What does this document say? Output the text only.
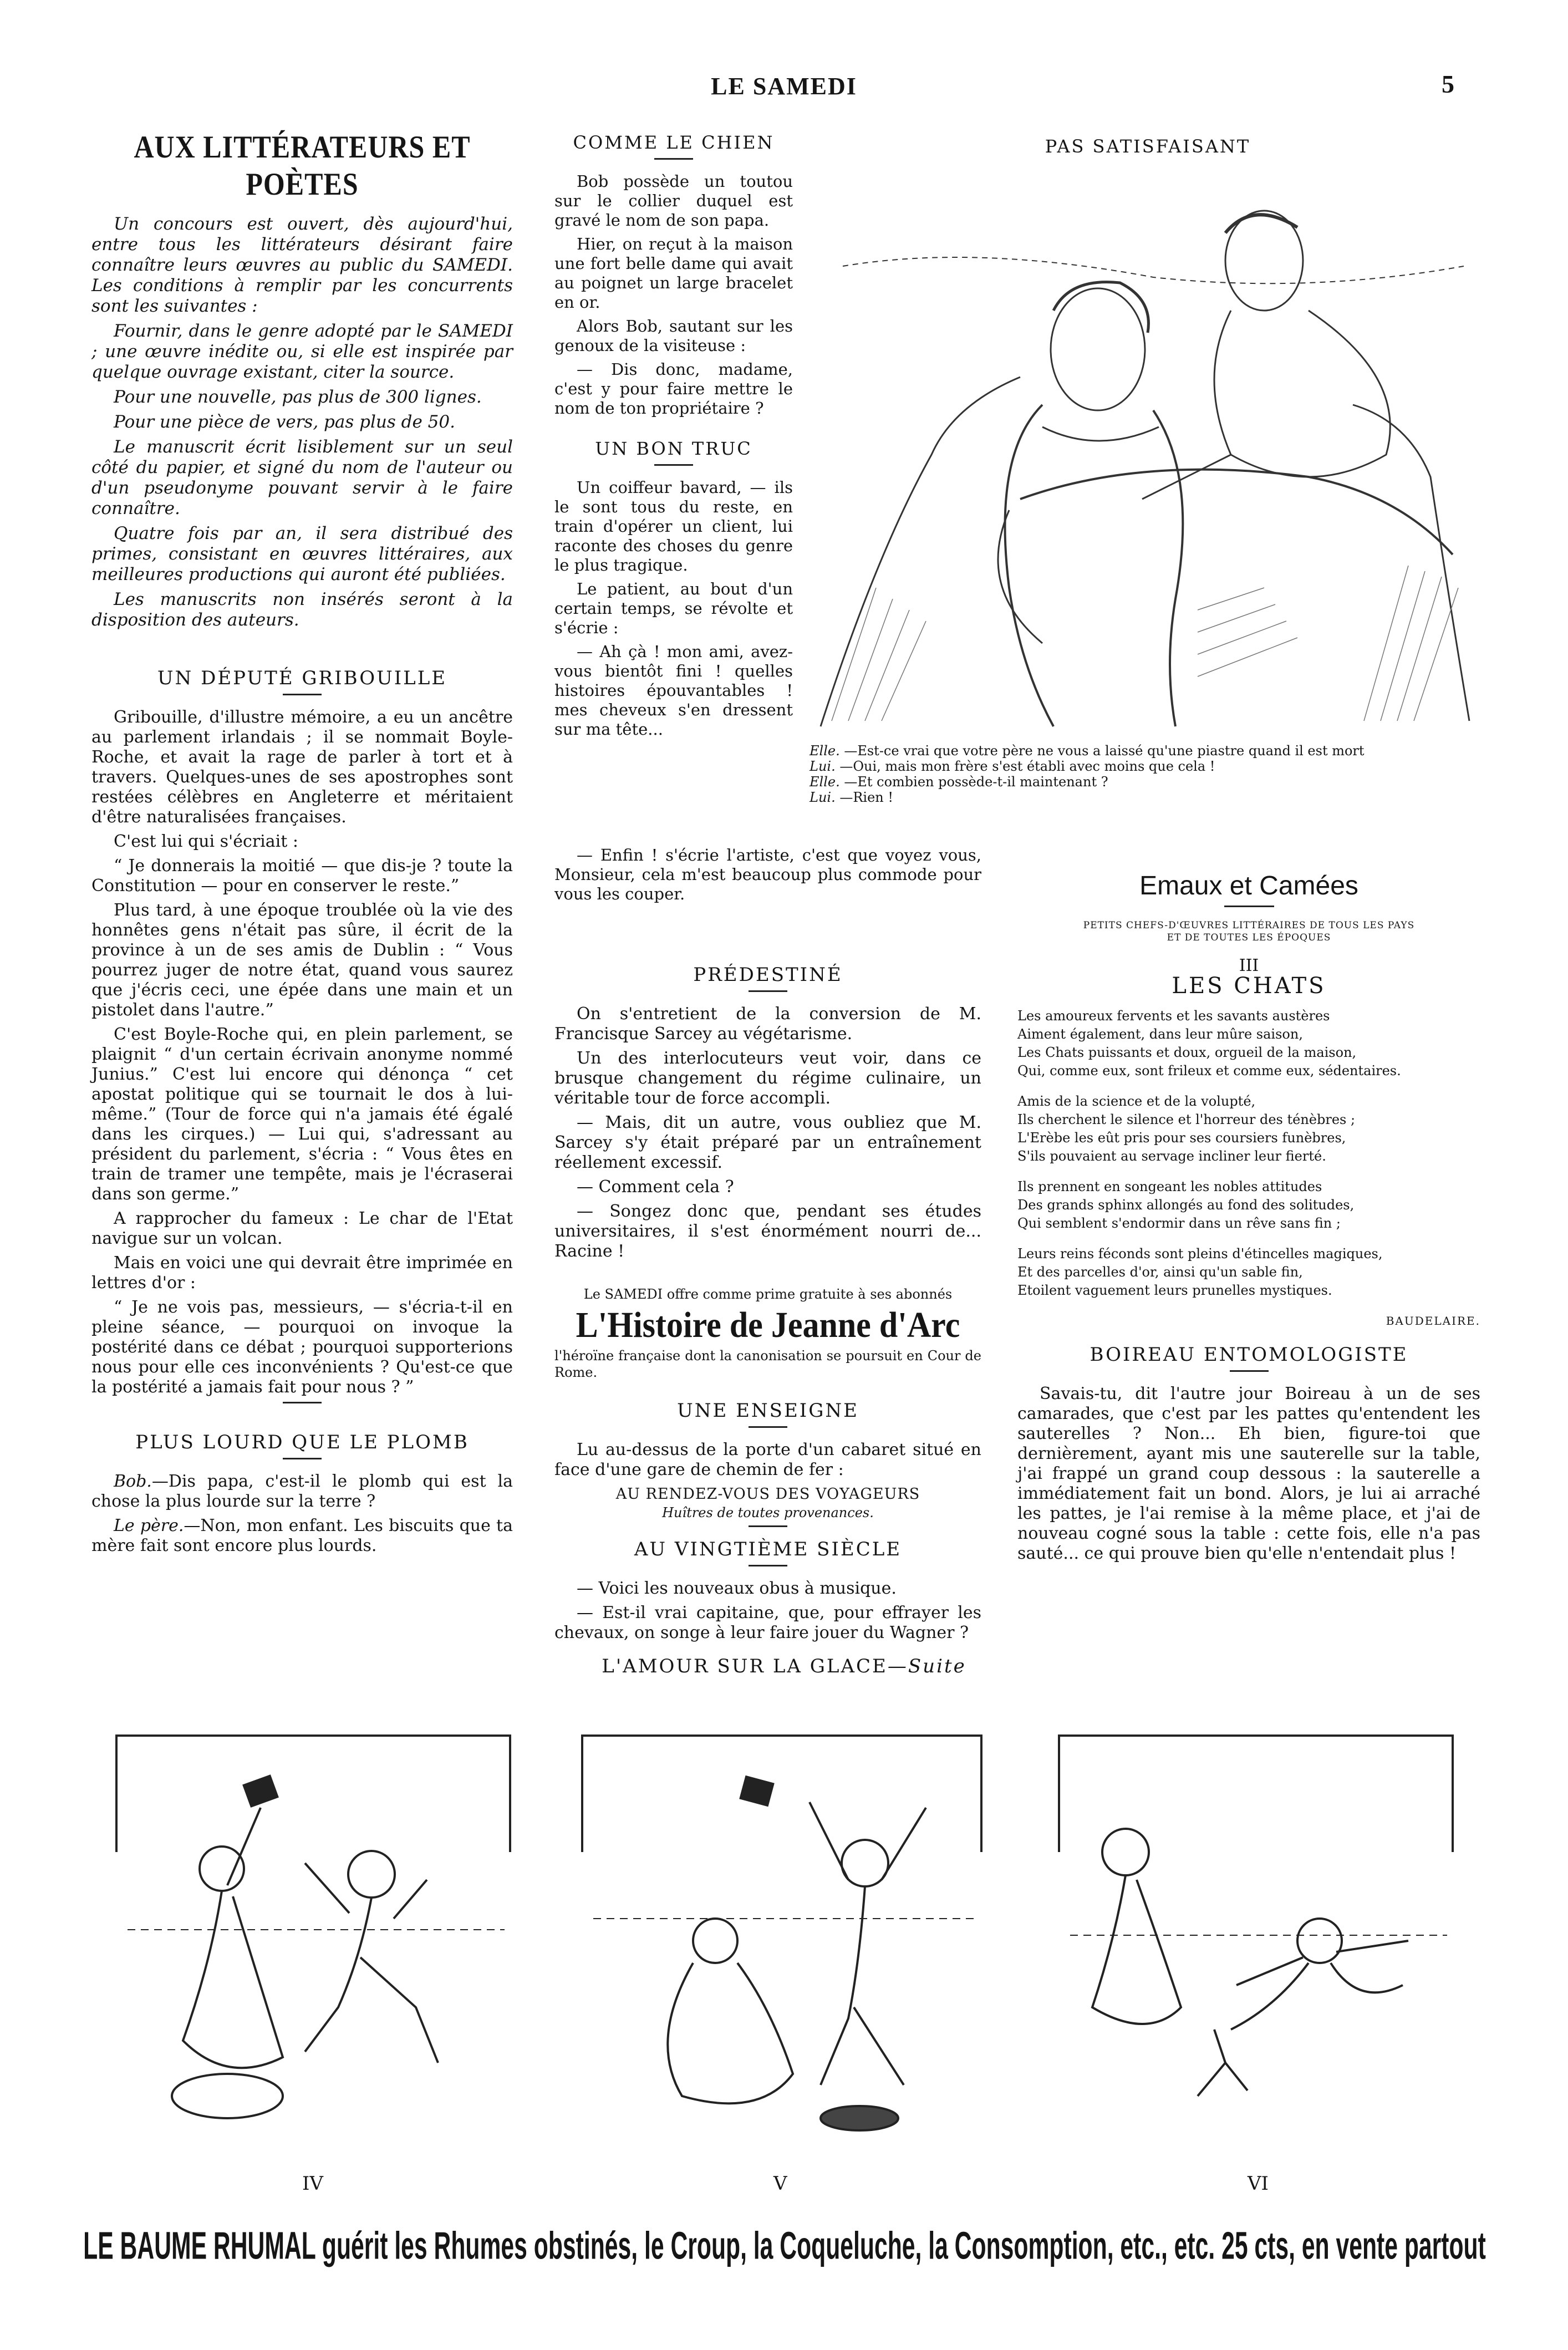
LE SAMEDI	5
AUX LITTÉRATEURS ET POÈTES

Un concours est ouvert, dès aujourd'hui, entre tous les littérateurs désirant faire connaître leurs œuvres au public du SAMEDI. Les conditions à remplir par les concurrents sont les suivantes :

Fournir, dans le genre adopté par le SAMEDI ; une œuvre inédite ou, si elle est inspirée par quelque ouvrage existant, citer la source.

Pour une nouvelle, pas plus de 300 lignes.

Pour une pièce de vers, pas plus de 50.

Le manuscrit écrit lisiblement sur un seul côté du papier, et signé du nom de l'auteur ou d'un pseudonyme pouvant servir à le faire connaître.

Quatre fois par an, il sera distribué des primes, consistant en œuvres littéraires, aux meilleures productions qui auront été publiées.

Les manuscrits non insérés seront à la disposition des auteurs.

UN DÉPUTÉ GRIBOUILLE

Gribouille, d'illustre mémoire, a eu un ancêtre au parlement irlandais ; il se nommait Boyle-Roche, et avait la rage de parler à tort et à travers. Quelques-unes de ses apostrophes sont restées célèbres en Angleterre et méritaient d'être naturalisées françaises.

C'est lui qui s'écriait :

“ Je donnerais la moitié — que dis-je ? toute la Constitution — pour en conserver le reste.”

Plus tard, à une époque troublée où la vie des honnêtes gens n'était pas sûre, il écrit de la province à un de ses amis de Dublin : “ Vous pourrez juger de notre état, quand vous saurez que j'écris ceci, une épée dans une main et un pistolet dans l'autre.”

C'est Boyle-Roche qui, en plein parlement, se plaignit “ d'un certain écrivain anonyme nommé Junius.” C'est lui encore qui dénonça “ cet apostat politique qui se tournait le dos à lui-même.” (Tour de force qui n'a jamais été égalé dans les cirques.) — Lui qui, s'adressant au président du parlement, s'écria : “ Vous êtes en train de tramer une tempête, mais je l'écraserai dans son germe.”

A rapprocher du fameux : Le char de l'Etat navigue sur un volcan.

Mais en voici une qui devrait être imprimée en lettres d'or :

“ Je ne vois pas, messieurs, — s'écria-t-il en pleine séance, — pourquoi on invoque la postérité dans ce débat ; pourquoi supporterions nous pour elle ces inconvénients ? Qu'est-ce que la postérité a jamais fait pour nous ? ”

PLUS LOURD QUE LE PLOMB

Bob.—Dis papa, c'est-il le plomb qui est la chose la plus lourde sur la terre ?

Le père.—Non, mon enfant. Les biscuits que ta mère fait sont encore plus lourds.

COMME LE CHIEN

Bob possède un toutou sur le collier duquel est gravé le nom de son papa.

Hier, on reçut à la maison une fort belle dame qui avait au poignet un large bracelet en or.

Alors Bob, sautant sur les genoux de la visiteuse :

— Dis donc, madame, c'est y pour faire mettre le nom de ton propriétaire ?

UN BON TRUC

Un coiffeur bavard, — ils le sont tous du reste, en train d'opérer un client, lui raconte des choses du genre le plus tragique.

Le patient, au bout d'un certain temps, se révolte et s'écrie :

— Ah çà ! mon ami, avez-vous bientôt fini ! quelles histoires épouvantables ! mes cheveux s'en dressent sur ma tête...

— Enfin ! s'écrie l'artiste, c'est que voyez vous, Monsieur, cela m'est beaucoup plus commode pour vous les couper.

PRÉDESTINÉ

On s'entretient de la conversion de M. Francisque Sarcey au végétarisme.

Un des interlocuteurs veut voir, dans ce brusque changement du régime culinaire, un véritable tour de force accompli.

— Mais, dit un autre, vous oubliez que M. Sarcey s'y était préparé par un entraînement réellement excessif.

— Comment cela ?

— Songez donc que, pendant ses études universitaires, il s'est énormément nourri de... Racine !

Le SAMEDI offre comme prime gratuite à ses abonnés
L'Histoire de Jeanne d'Arc
l'héroïne française dont la canonisation se poursuit en Cour de Rome.
UNE ENSEIGNE

Lu au-dessus de la porte d'un cabaret situé en face d'une gare de chemin de fer :

AU RENDEZ-VOUS DES VOYAGEURS
Huîtres de toutes provenances.
AU VINGTIÈME SIÈCLE

— Voici les nouveaux obus à musique.

— Est-il vrai capitaine, que, pour effrayer les chevaux, on songe à leur faire jouer du Wagner ?

PAS SATISFAISANT
Elle. —Est-ce vrai que votre père ne vous a laissé qu'une piastre quand il est mort
Lui. —Oui, mais mon frère s'est établi avec moins que cela !
Elle. —Et combien possède-t-il maintenant ?
Lui. —Rien !
Emaux et Camées
PETITS CHEFS-D'ŒUVRES LITTÉRAIRES DE TOUS LES PAYS
ET DE TOUTES LES ÉPOQUES
III
LES CHATS
Les amoureux fervents et les savants austères
Aiment également, dans leur mûre saison,
Les Chats puissants et doux, orgueil de la maison,
Qui, comme eux, sont frileux et comme eux, sédentaires.
Amis de la science et de la volupté,
Ils cherchent le silence et l'horreur des ténèbres ;
L'Erèbe les eût pris pour ses coursiers funèbres,
S'ils pouvaient au servage incliner leur fierté.
Ils prennent en songeant les nobles attitudes
Des grands sphinx allongés au fond des solitudes,
Qui semblent s'endormir dans un rêve sans fin ;
Leurs reins féconds sont pleins d'étincelles magiques,
Et des parcelles d'or, ainsi qu'un sable fin,
Etoilent vaguement leurs prunelles mystiques.
BAUDELAIRE.
BOIREAU ENTOMOLOGISTE

Savais-tu, dit l'autre jour Boireau à un de ses camarades, que c'est par les pattes qu'entendent les sauterelles ? Non... Eh bien, figure-toi que dernièrement, ayant mis une sauterelle sur la table, j'ai frappé un grand coup dessous : la sauterelle a immédiatement fait un bond. Alors, je lui ai arraché les pattes, je l'ai remise à la même place, et j'ai de nouveau cogné sous la table : cette fois, elle n'a pas sauté... ce qui prouve bien qu'elle n'entendait plus !

L'AMOUR SUR LA GLACE—Suite
IV	V	VI
LE BAUME RHUMAL guérit les Rhumes obstinés, le Croup, la Coqueluche, la Consomption, etc., etc. 25 cts, en vente partout
